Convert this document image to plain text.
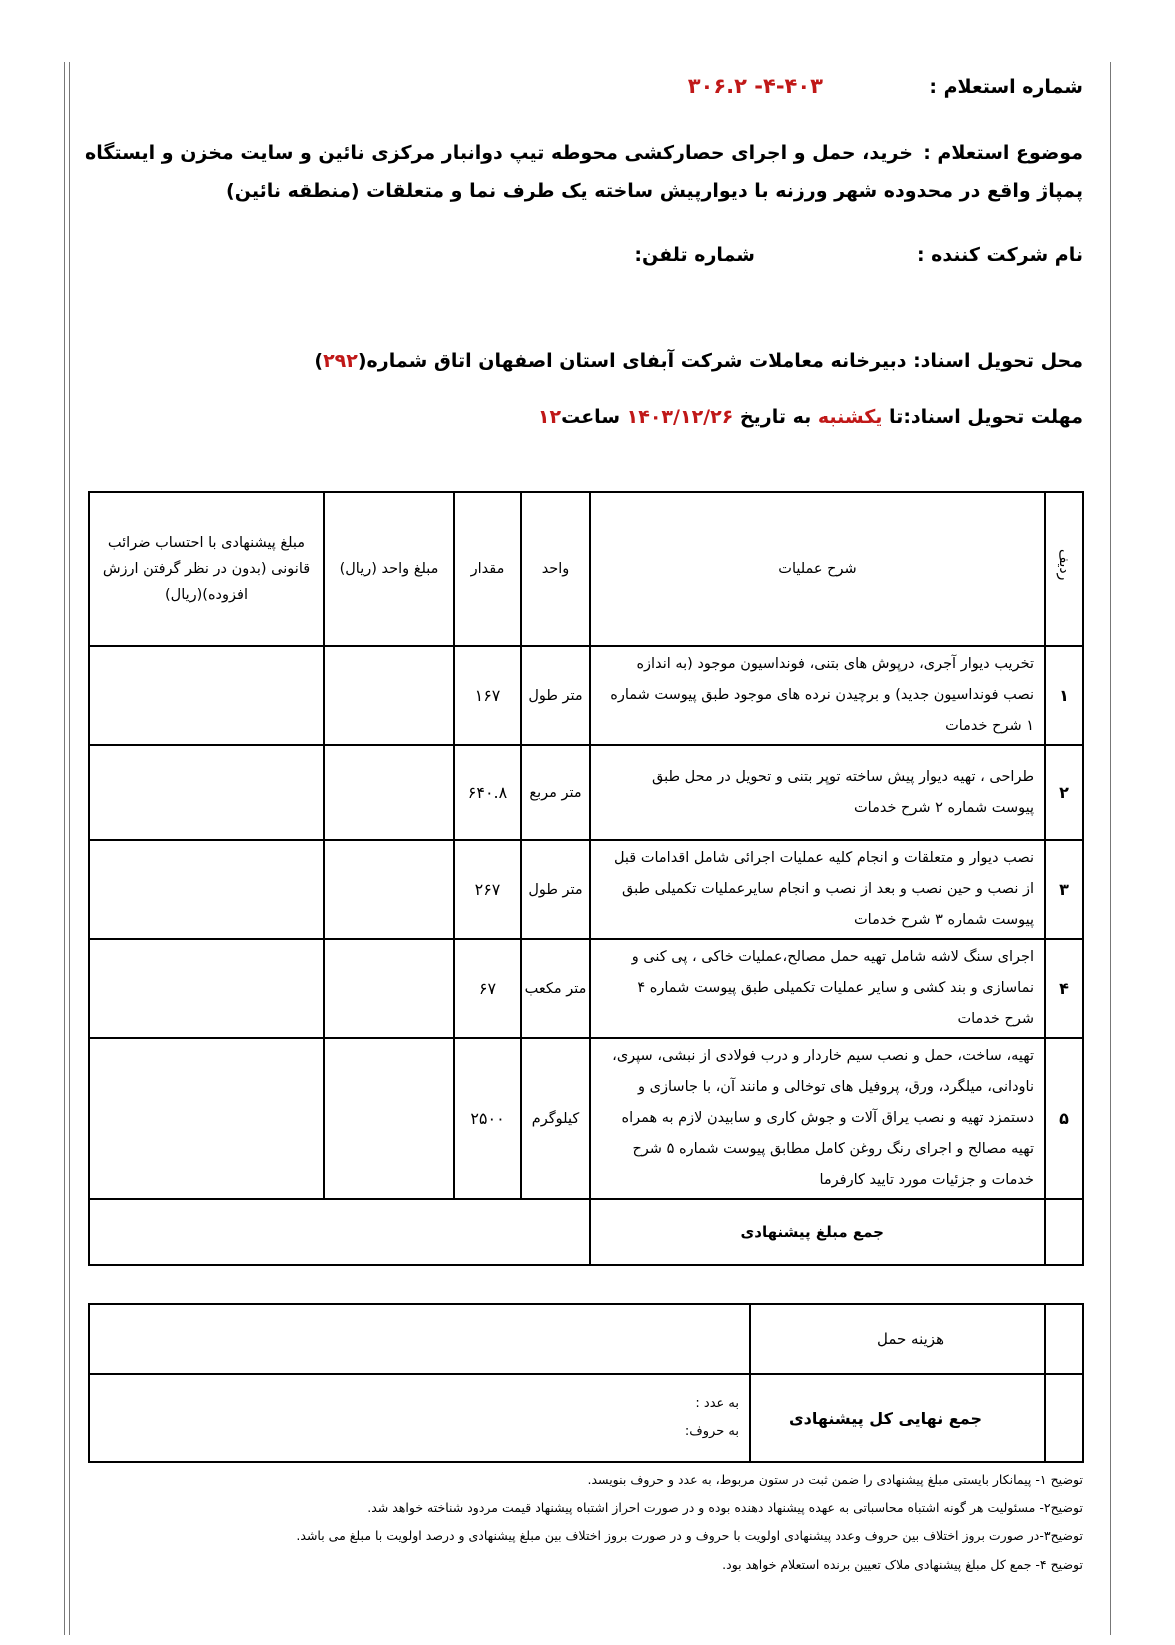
شماره استعلام :
۳۰۶.۲ -۴-۴۰۳
موضوع استعلام :
خرید، حمل و اجرای حصارکشی محوطه تیپ دوانبار مرکزی نائین و سایت مخزن و ایستگاه
پمپاژ واقع در محدوده شهر ورزنه با دیوارپیش ساخته یک طرف نما و متعلقات (منطقه نائین)
نام شرکت کننده :
شماره تلفن:
محل تحویل اسناد: دبیرخانه معاملات شرکت آبفای استان اصفهان اتاق شماره(۲۹۲)
مهلت تحویل اسناد:تا یکشنبه به تاریخ ۱۴۰۳/۱۲/۲۶ ساعت۱۲
ردیف	شرح عملیات	واحد	مقدار	مبلغ واحد (ریال)	مبلغ پیشنهادی با احتساب ضرائب قانونی (بدون در نظر گرفتن ارزش افزوده)(ریال)
۱	تخریب دیوار آجری، درپوش های بتنی، فونداسیون موجود (به اندازه نصب فونداسیون جدید) و برچیدن نرده های موجود طبق پیوست شماره ۱ شرح خدمات	متر طول	۱۶۷		
۲	طراحی ، تهیه دیوار پیش ساخته توپر بتنی و تحویل در محل طبق پیوست شماره ۲ شرح خدمات	متر مربع	۶۴۰.۸		
۳	نصب دیوار و متعلقات و انجام کلیه عملیات اجرائی شامل اقدامات قبل از نصب و حین نصب و بعد از نصب و انجام سایرعملیات تکمیلی طبق پیوست شماره ۳ شرح خدمات	متر طول	۲۶۷		
۴	اجرای سنگ لاشه شامل تهیه حمل مصالح،عملیات خاکی ، پی کنی و نماسازی و بند کشی و سایر عملیات تکمیلی طبق پیوست شماره ۴ شرح خدمات	متر مکعب	۶۷		
۵	تهیه، ساخت، حمل و نصب سیم خاردار و درب فولادی از نبشی، سپری، ناودانی، میلگرد، ورق، پروفیل های توخالی و مانند آن، با جاسازی و دستمزد تهیه و نصب یراق آلات و جوش کاری و سابیدن لازم به همراه تهیه مصالح و اجرای رنگ روغن کامل مطابق پیوست شماره ۵ شرح خدمات و جزئیات مورد تایید کارفرما	کیلوگرم	۲۵۰۰		
	جمع مبلغ پیشنهادی				
	هزینه حمل	
	جمع نهایی کل پیشنهادی	به عدد :
به حروف:
توضیح ۱- پیمانکار بایستی مبلغ پیشنهادی را ضمن ثبت در ستون مربوط، به عدد و حروف بنویسد.
توضیح۲- مسئولیت هر گونه اشتباه محاسباتی به عهده پیشنهاد دهنده بوده و در صورت احراز اشتباه پیشنهاد قیمت مردود شناخته خواهد شد.
توضیح۳-در صورت بروز اختلاف بین حروف وعدد پیشنهادی اولویت با حروف و در صورت بروز اختلاف بین مبلغ پیشنهادی و درصد اولویت با مبلغ می باشد.
توضیح ۴- جمع کل مبلغ پیشنهادی ملاک تعیین برنده استعلام خواهد بود.
